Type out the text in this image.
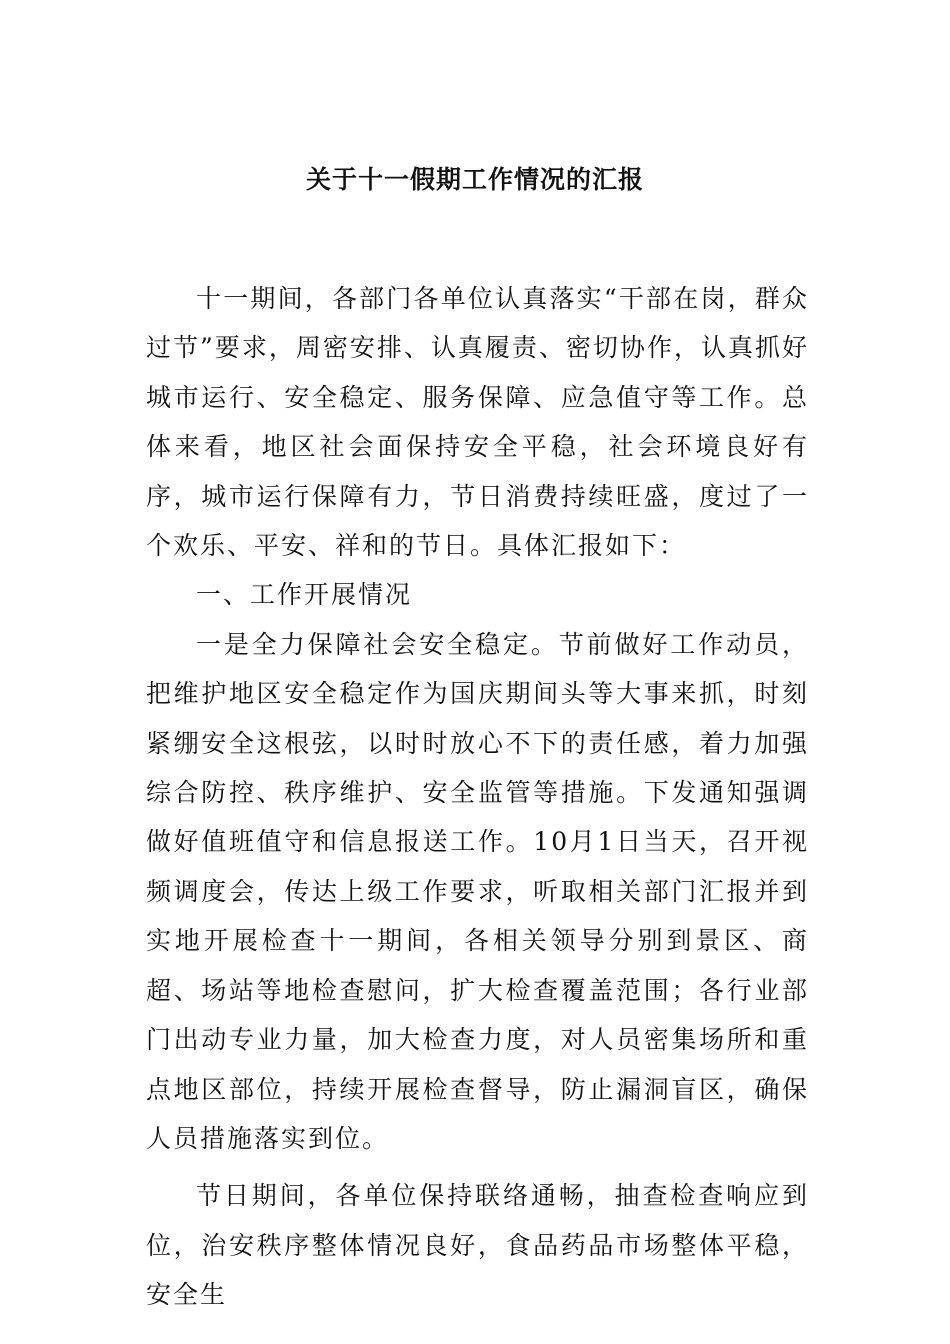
关于十一假期工作情况的汇报

十一期间，各部门各单位认真落实“干部在岗，群众过节”要求，周密安排、认真履责、密切协作，认真抓好城市运行、安全稳定、服务保障、应急值守等工作。总体来看，地区社会面保持安全平稳，社会环境良好有序，城市运行保障有力，节日消费持续旺盛，度过了一个欢乐、平安、祥和的节日。具体汇报如下：

一、工作开展情况

一是全力保障社会安全稳定。节前做好工作动员，把维护地区安全稳定作为国庆期间头等大事来抓，时刻紧绷安全这根弦，以时时放心不下的责任感，着力加强综合防控、秩序维护、安全监管等措施。下发通知强调做好值班值守和信息报送工作。10月1日当天，召开视频调度会，传达上级工作要求，听取相关部门汇报并到实地开展检查十一期间，各相关领导分别到景区、商超、场站等地检查慰问，扩大检查覆盖范围；各行业部门出动专业力量，加大检查力度，对人员密集场所和重点地区部位，持续开展检查督导，防止漏洞盲区，确保人员措施落实到位。

节日期间，各单位保持联络通畅，抽查检查响应到位，治安秩序整体情况良好，食品药品市场整体平稳，安全生
